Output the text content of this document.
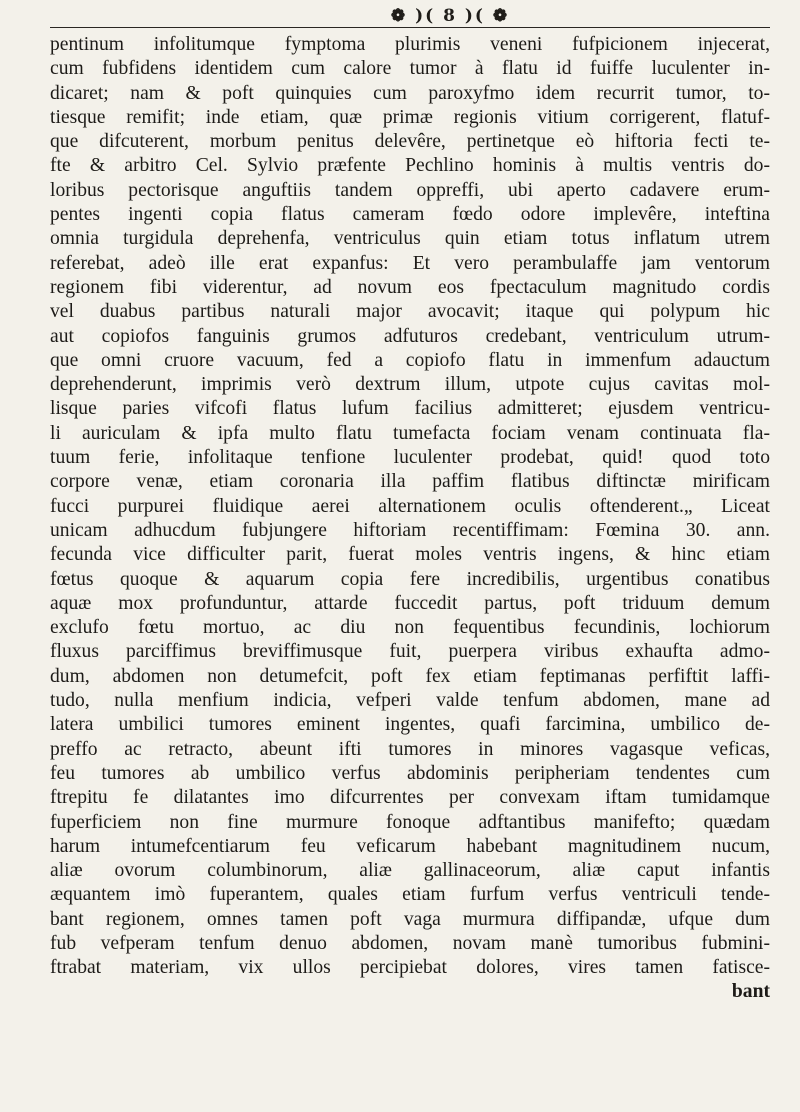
❁ )( 8 )( ❁
pentinum infolitumque fymptoma plurimis veneni fufpicionem injecerat,
cum fubfidens identidem cum calore tumor à flatu id fuiffe luculenter in-
dicaret; nam & poft quinquies cum paroxyfmo idem recurrit tumor, to-
tiesque remifit; inde etiam, quæ primæ regionis vitium corrigerent, flatuf-
que difcuterent, morbum penitus delevêre, pertinetque eò hiftoria fecti te-
fte & arbitro Cel. Sylvio præfente Pechlino hominis à multis ventris do-
loribus pectorisque anguftiis tandem oppreffi, ubi aperto cadavere erum-
pentes ingenti copia flatus cameram fœdo odore implevêre, inteftina
omnia turgidula deprehenfa, ventriculus quin etiam totus inflatum utrem
referebat, adeò ille erat expanfus: Et vero perambulaffe jam ventorum
regionem fibi viderentur, ad novum eos fpectaculum magnitudo cordis
vel duabus partibus naturali major avocavit; itaque qui polypum hic
aut copiofos fanguinis grumos adfuturos credebant, ventriculum utrum-
que omni cruore vacuum, fed a copiofo flatu in immenfum adauctum
deprehenderunt, imprimis verò dextrum illum, utpote cujus cavitas mol-
lisque paries vifcofi flatus lufum facilius admitteret; ejusdem ventricu-
li auriculam & ipfa multo flatu tumefacta fociam venam continuata fla-
tuum ferie, infolitaque tenfione luculenter prodebat, quid! quod toto
corpore venæ, etiam coronaria illa paffim flatibus diftinctæ mirificam
fucci purpurei fluidique aerei alternationem oculis oftenderent.„ Liceat
unicam adhucdum fubjungere hiftoriam recentiffimam: Fœmina 30. ann.
fecunda vice difficulter parit, fuerat moles ventris ingens, & hinc etiam
fœtus quoque & aquarum copia fere incredibilis, urgentibus conatibus
aquæ mox profunduntur, attarde fuccedit partus, poft triduum demum
exclufo fœtu mortuo, ac diu non fequentibus fecundinis, lochiorum
fluxus parciffimus breviffimusque fuit, puerpera viribus exhaufta admo-
dum, abdomen non detumefcit, poft fex etiam feptimanas perfiftit laffi-
tudo, nulla menfium indicia, vefperi valde tenfum abdomen, mane ad
latera umbilici tumores eminent ingentes, quafi farcimina, umbilico de-
preffo ac retracto, abeunt ifti tumores in minores vagasque veficas,
feu tumores ab umbilico verfus abdominis peripheriam tendentes cum
ftrepitu fe dilatantes imo difcurrentes per convexam iftam tumidamque
fuperficiem non fine murmure fonoque adftantibus manifefto; quædam
harum intumefcentiarum feu veficarum habebant magnitudinem nucum,
aliæ ovorum columbinorum, aliæ gallinaceorum, aliæ caput infantis
æquantem imò fuperantem, quales etiam furfum verfus ventriculi tende-
bant regionem, omnes tamen poft vaga murmura diffipandæ, ufque dum
fub vefperam tenfum denuo abdomen, novam manè tumoribus fubmini-
ftrabat materiam, vix ullos percipiebat dolores, vires tamen fatisce-
bant
